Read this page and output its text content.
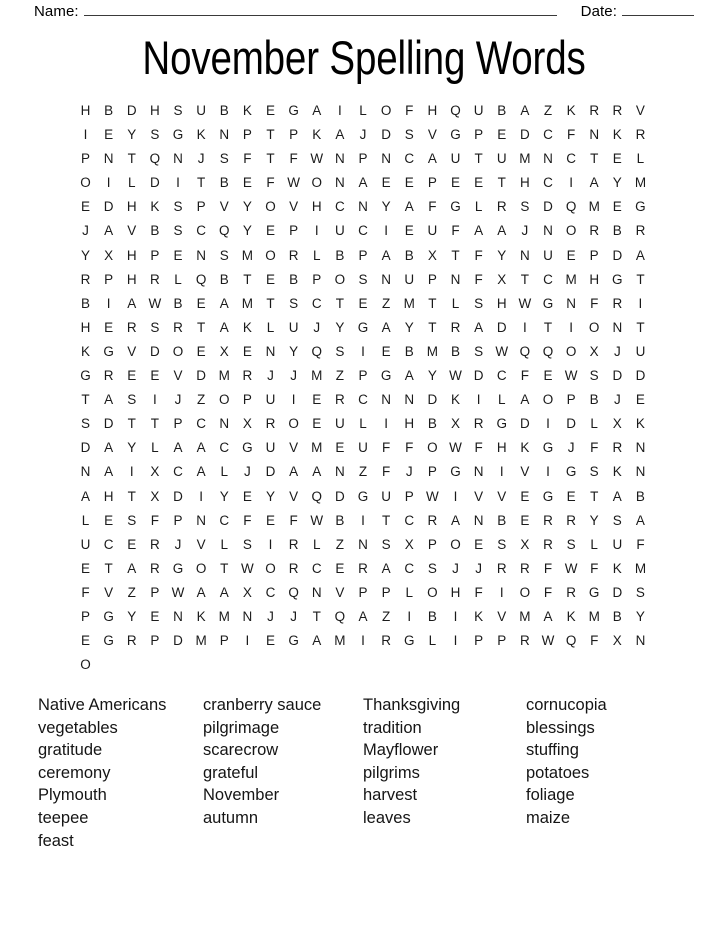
Name:	Date:
November Spelling Words
H	B	D H	S	U	B	K	E G A	I	L	O	F	H Q U	B	A	Z	K	R R	V
I	E	Y	S G K	N	P	T	P	K	A	J	D	S	V G P	E	D C	F	N	K	R
P	N	T	Q N	J	S	F	T	F W N	P	N C	A	U	T	U M N C	T	E	L
O	I	L	D	I	T	B	E	F W O N	A	E	E	P	E	E	T	H C	I	A	Y M
E	D H	K	S	P	V	Y O V	H C N	Y	A	F	G	L	R	S	D Q M E G
J	A	V	B	S	C Q Y	E	P	I	U C	I	E	U	F	A	A	J	N O R	B	R
Y	X	H	P	E	N	S M O R	L	B	P	A	B	X	T	F	Y	N U	E	P	D	A
R	P	H R	L	Q B	T	E	B	P O S	N U	P	N	F	X	T	C M H G	T
B	I	A W B	E	A M T	S	C	T	E	Z M T	L	S	H W G N	F	R	I
H	E	R	S	R	T	A	K	L	U	J	Y G A	Y	T	R	A	D	I	T	I	O N	T
K G V	D O E	X	E	N	Y Q S	I	E	B M B	S W Q Q O X	J	U
G R	E	E	V	D M R	J	J	M Z	P G A	Y W D C	F	E W S	D D
T	A	S	I	J	Z	O P	U	I	E	R C N N D	K	I	L	A O P	B	J	E
S	D	T	T	P	C N	X	R O E	U	L	I	H	B	X	R G D	I	D	L	X	K
D	A	Y	L	A	A	C G U	V M E	U	F	F	O W F	H	K G	J	F	R N
N	A	I	X	C	A	L	J	D	A	A	N	Z	F	J	P G N	I	V	I	G S	K	N
A	H	T	X	D	I	Y	E	Y	V Q D G U	P W	I	V	V	E G E	T	A	B
L	E	S	F	P	N C	F	E	F W B	I	T	C R	A	N	B	E	R R	Y	S	A
U C	E	R	J	V	L	S	I	R	L	Z	N	S	X	P O E	S	X	R	S	L	U	F
E	T	A	R G O	T W O R C	E	R	A	C	S	J	J	R R	F W F	K M
F	V	Z	P W A	A	X	C Q N	V	P	P	L	O H	F	I	O	F	R G D	S
P G Y	E	N	K M N	J	J	T	Q A	Z	I	B	I	K	V M A	K M B	Y
E G R	P	D M P	I	E G A M	I	R G	L	I	P	P	R W Q	F	X	N
O
Native Americans
vegetables
gratitude
ceremony
Plymouth
teepee
feast
cranberry sauce
pilgrimage
scarecrow
grateful
November
autumn
Thanksgiving
tradition
Mayflower
pilgrims
harvest
leaves
cornucopia
blessings
stuffing
potatoes
foliage
maize
